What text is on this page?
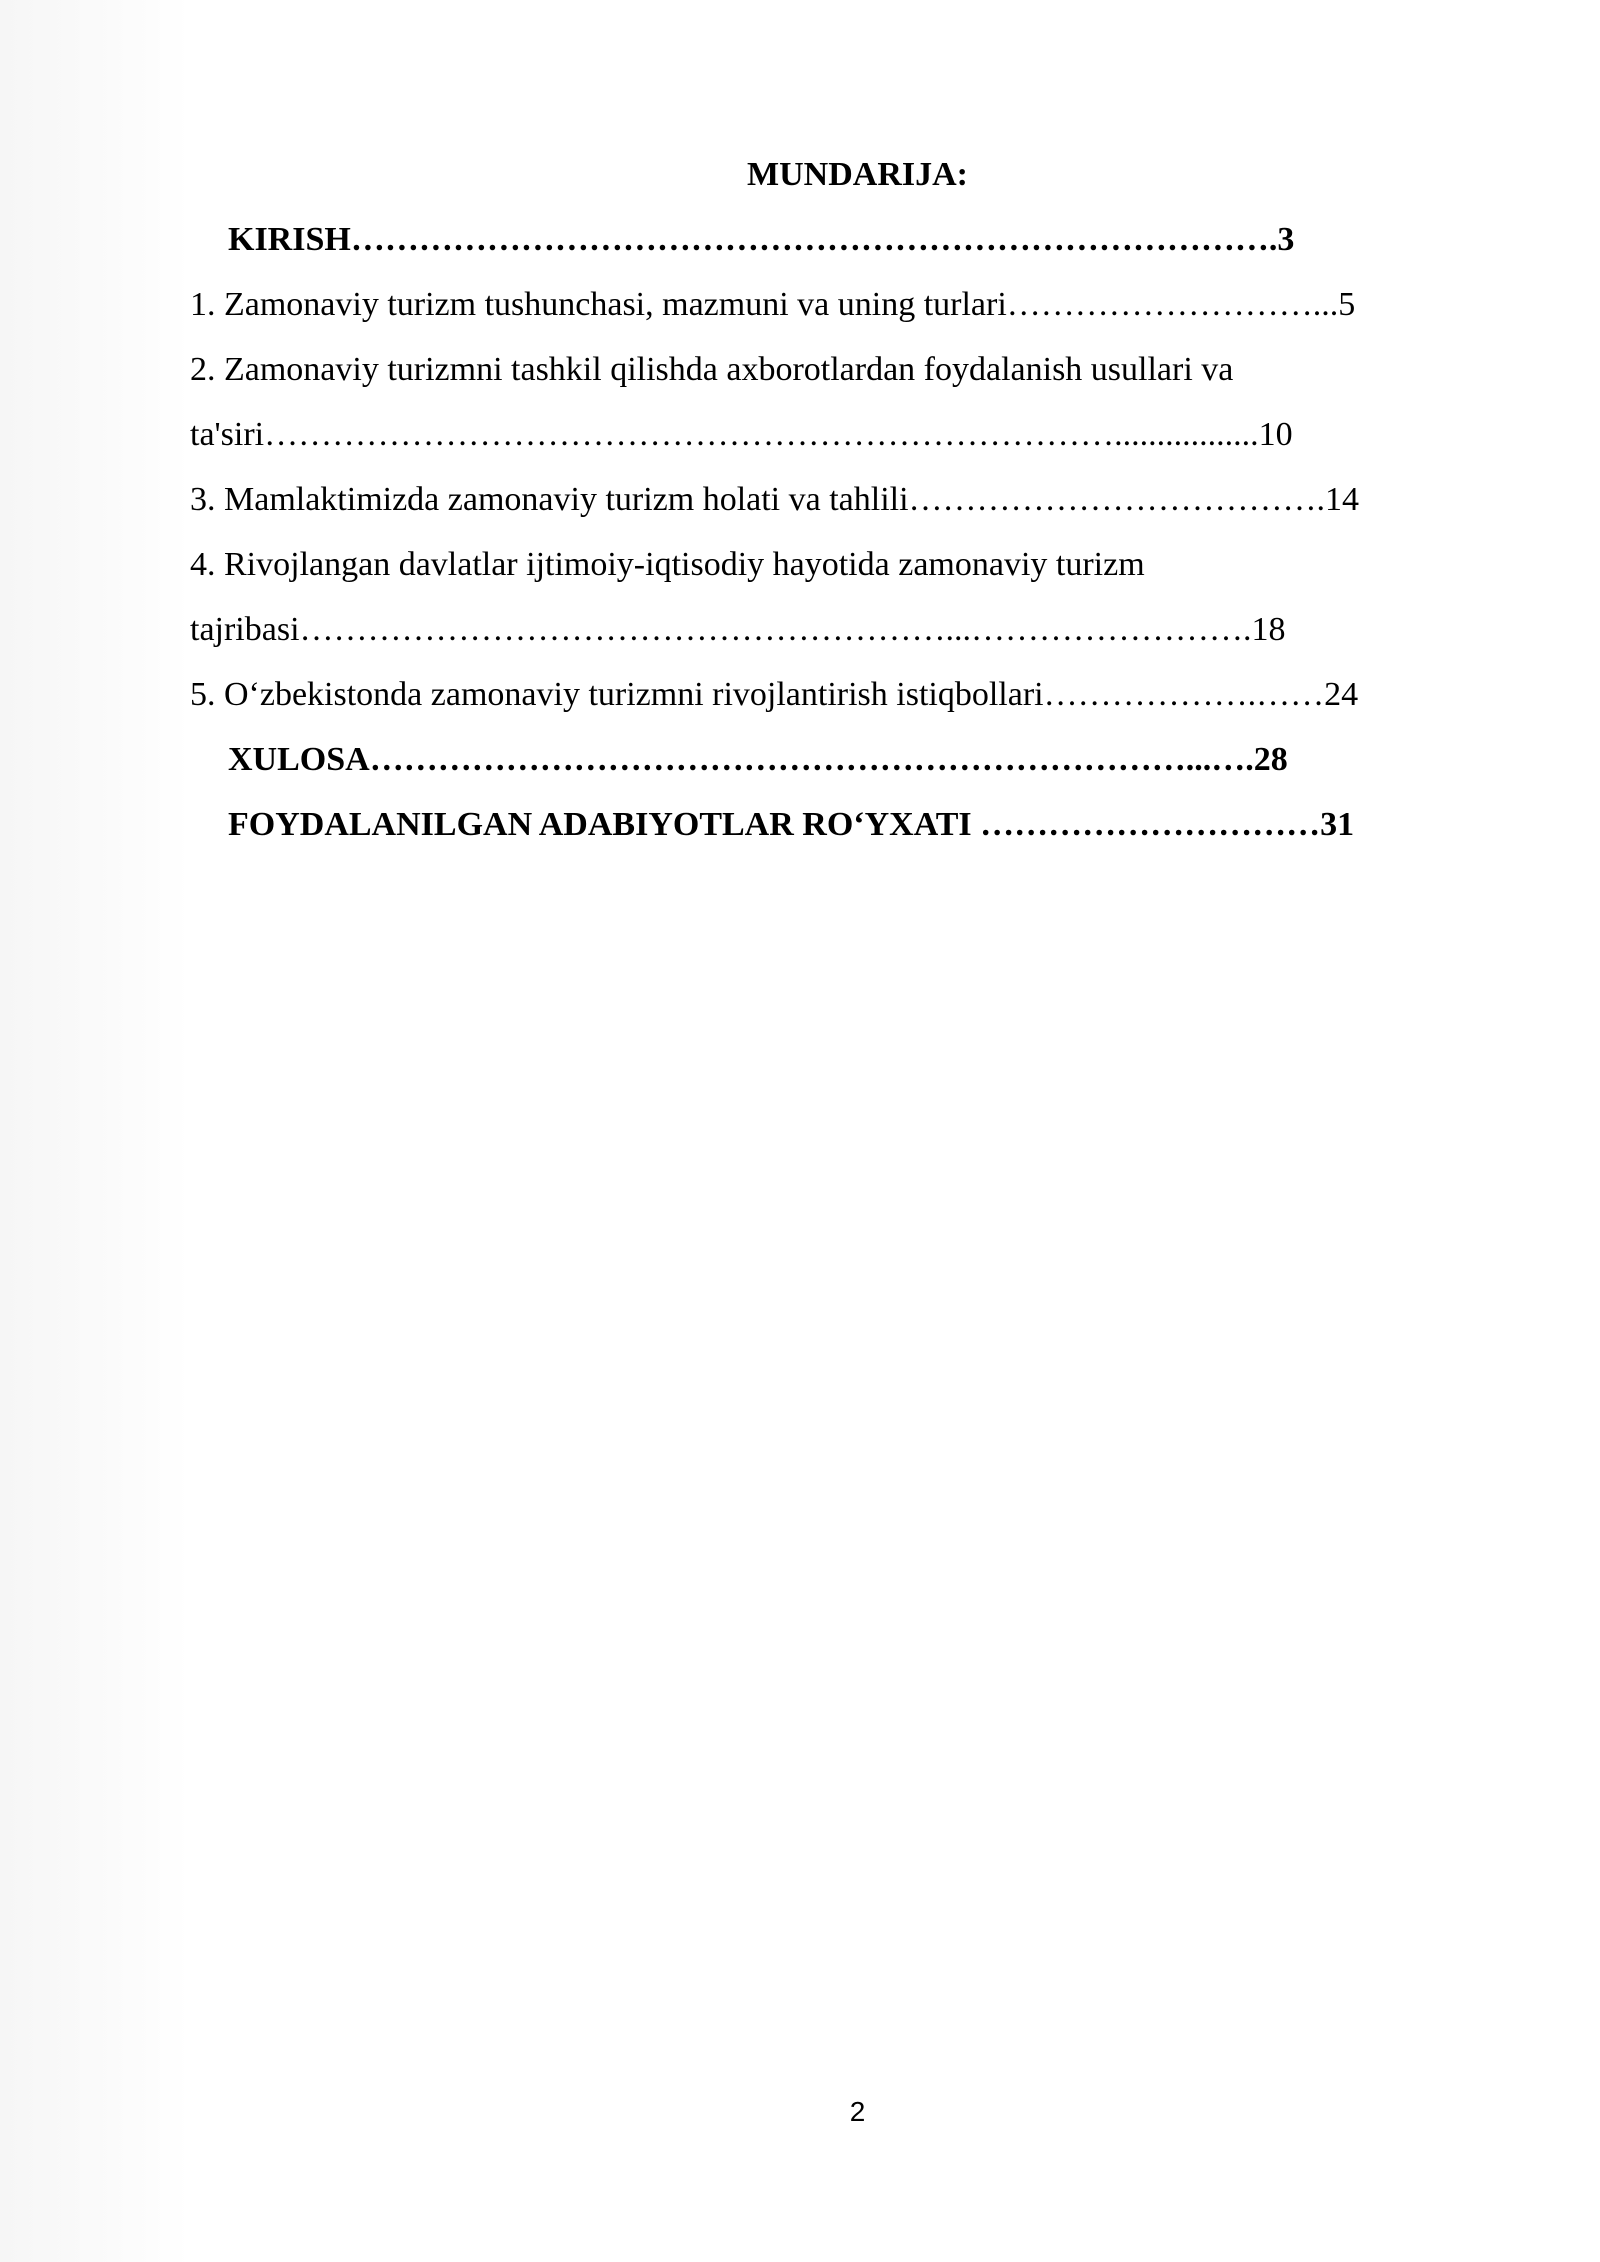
MUNDARIJA:
KIRISH……………………………………………………………………….3
1. Zamonaviy turizm tushunchasi, mazmuni va uning turlari………………………...5
2. Zamonaviy turizmni tashkil qilishda axborotlardan foydalanish usullari va
ta'siri………………………………………………………………….................10
3. Mamlaktimizda zamonaviy turizm holati va tahlili……………………………….14
4. Rivojlangan davlatlar ijtimoiy-iqtisodiy hayotida zamonaviy turizm
tajribasi…………………………………………………...…………………….18
5. O‘zbekistonda zamonaviy turizmni rivojlantirish istiqbollari……………….……24
XULOSA………………………………………………………………...….28
FOYDALANILGAN ADABIYOTLAR RO‘YXATI …………………………31
2
